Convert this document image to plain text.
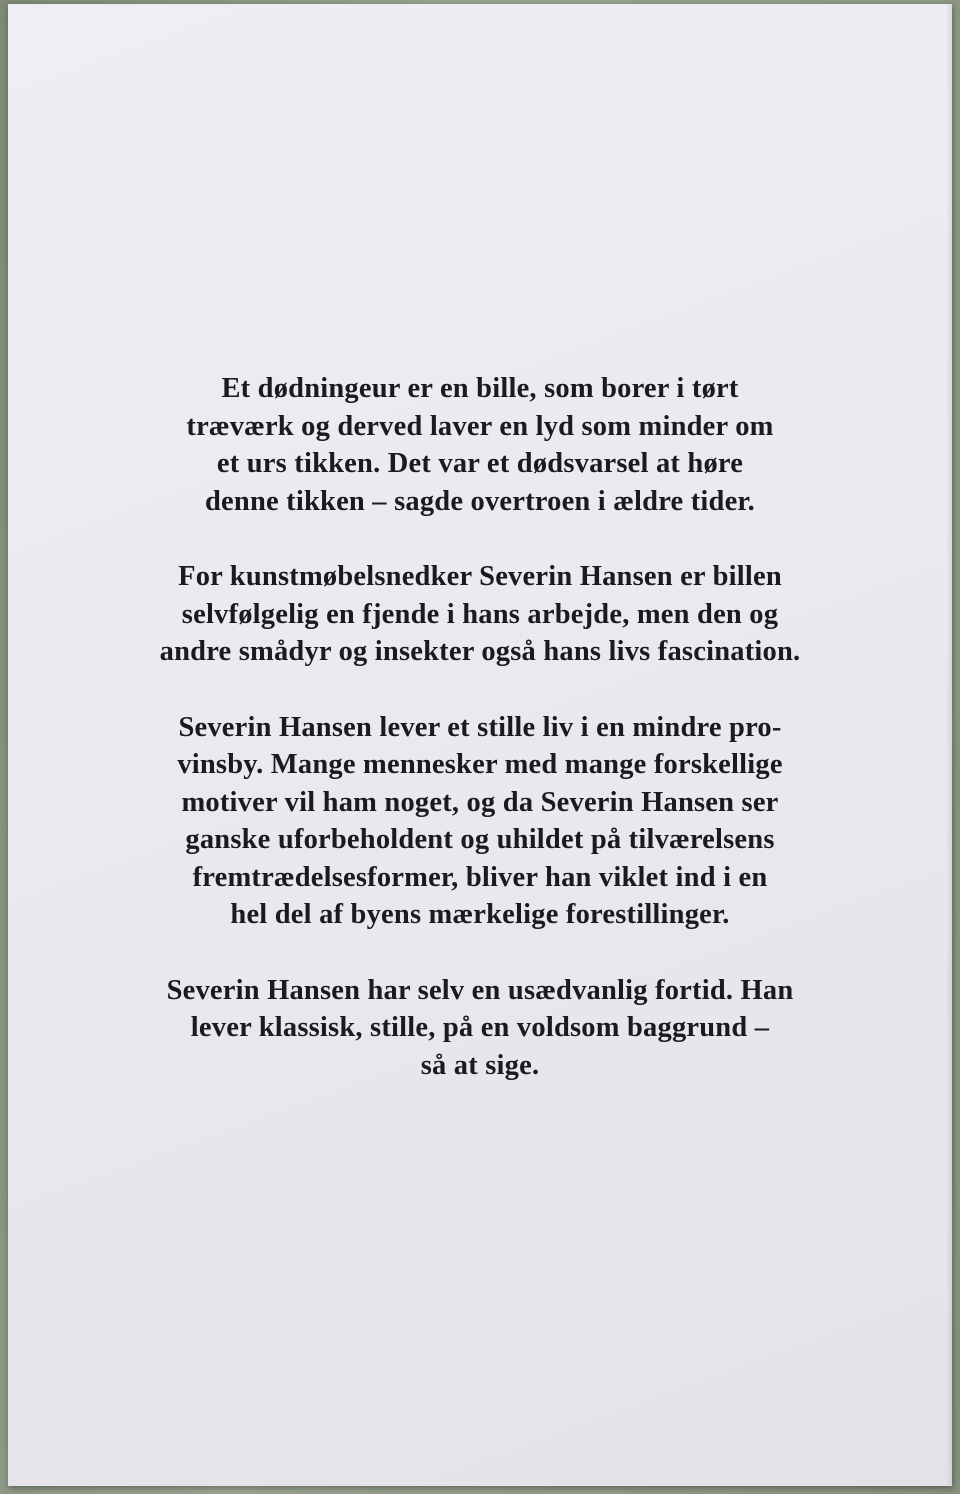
Et dødningeur er en bille, som borer i tørt
træværk og derved laver en lyd som minder om
et urs tikken. Det var et dødsvarsel at høre
denne tikken – sagde overtroen i ældre tider.

For kunstmøbelsnedker Severin Hansen er billen
selvfølgelig en fjende i hans arbejde, men den og
andre smådyr og insekter også hans livs fascination.

Severin Hansen lever et stille liv i en mindre pro-
vinsby. Mange mennesker med mange forskellige
motiver vil ham noget, og da Severin Hansen ser
ganske uforbeholdent og uhildet på tilværelsens
fremtrædelsesformer, bliver han viklet ind i en
hel del af byens mærkelige forestillinger.

Severin Hansen har selv en usædvanlig fortid. Han
lever klassisk, stille, på en voldsom baggrund –
så at sige.
